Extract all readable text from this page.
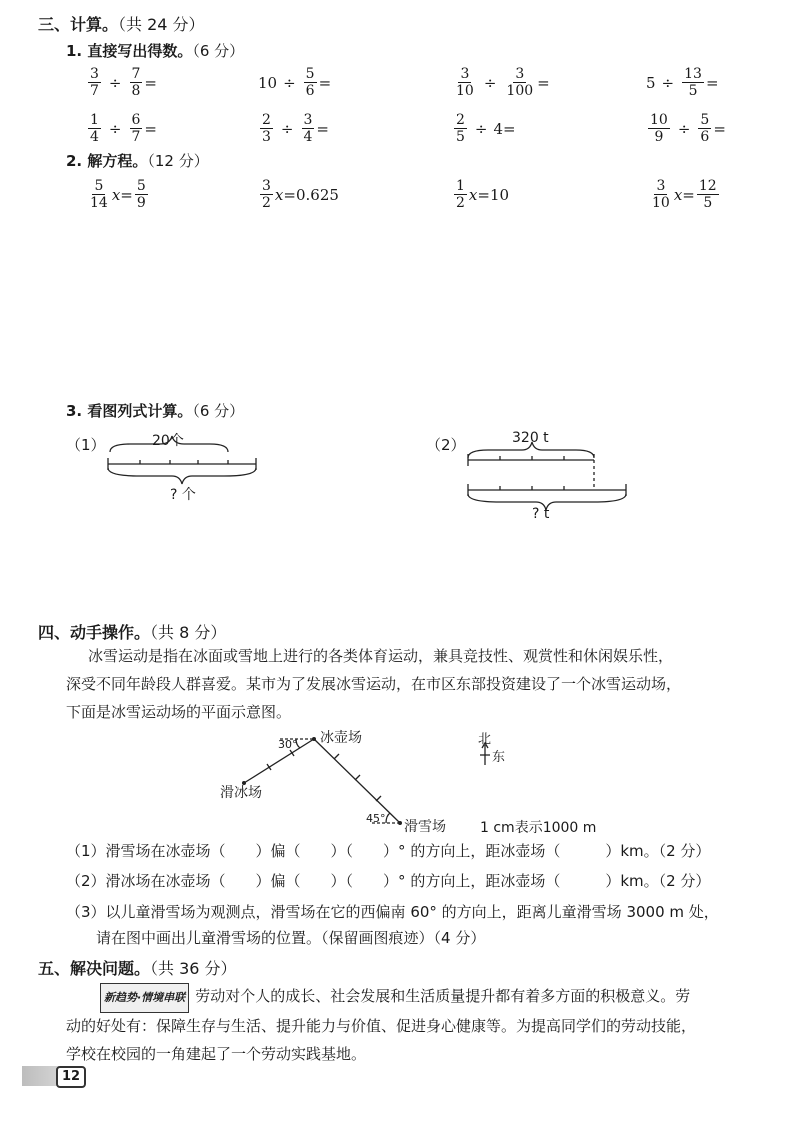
三、计算。（共 24 分）
1. 直接写出得数。（6 分）
2. 解方程。（12 分）
3. 看图列式计算。（6 分）
（1）	（2）
20个
? 个
320 t
? t
四、动手操作。（共 8 分）
冰雪运动是指在冰面或雪地上进行的各类体育运动，兼具竞技性、观赏性和休闲娱乐性，
深受不同年龄段人群喜爱。某市为了发展冰雪运动，在市区东部投资建设了一个冰雪运动场，
下面是冰雪运动场的平面示意图。
冰壶场
滑冰场
滑雪场
30°
45°
北
东
1 cm表示1000 m
（1）滑雪场在冰壶场（　　）偏（　　）（　　）° 的方向上，距冰壶场（　　　）km。（2 分）
（2）滑冰场在冰壶场（　　）偏（　　）（　　）° 的方向上，距冰壶场（　　　）km。（2 分）
（3）以儿童滑雪场为观测点，滑雪场在它的西偏南 60° 的方向上，距离儿童滑雪场 3000 m 处，
　　请在图中画出儿童滑雪场的位置。（保留画图痕迹）（4 分）
五、解决问题。（共 36 分）
新趋势·情境串联 劳动对个人的成长、社会发展和生活质量提升都有着多方面的积极意义。劳
动的好处有：保障生存与生活、提升能力与价值、促进身心健康等。为提高同学们的劳动技能，
学校在校园的一角建起了一个劳动实践基地。
12
$\frac{3}{7} \div \frac{7}{8}$ =	$10 \div \frac{5}{6}$ =	$\frac{3}{10} \div \frac{3}{100}$ =	$5 \div \frac{13}{5}$ =
$\frac{1}{4} \div \frac{6}{7}$ =	$\frac{2}{3} \div \frac{3}{4}$ =	$\frac{2}{5} \div 4=$	$\frac{10}{9} \div \frac{5}{6}$ =
$\frac{5}{14}$ $x = \frac{5}{9}$	$\frac{3}{2}$ x = 0.625	$\frac{1}{2}$ x = 10	$\frac{3}{10}$ $x = \frac{12}{5}$
